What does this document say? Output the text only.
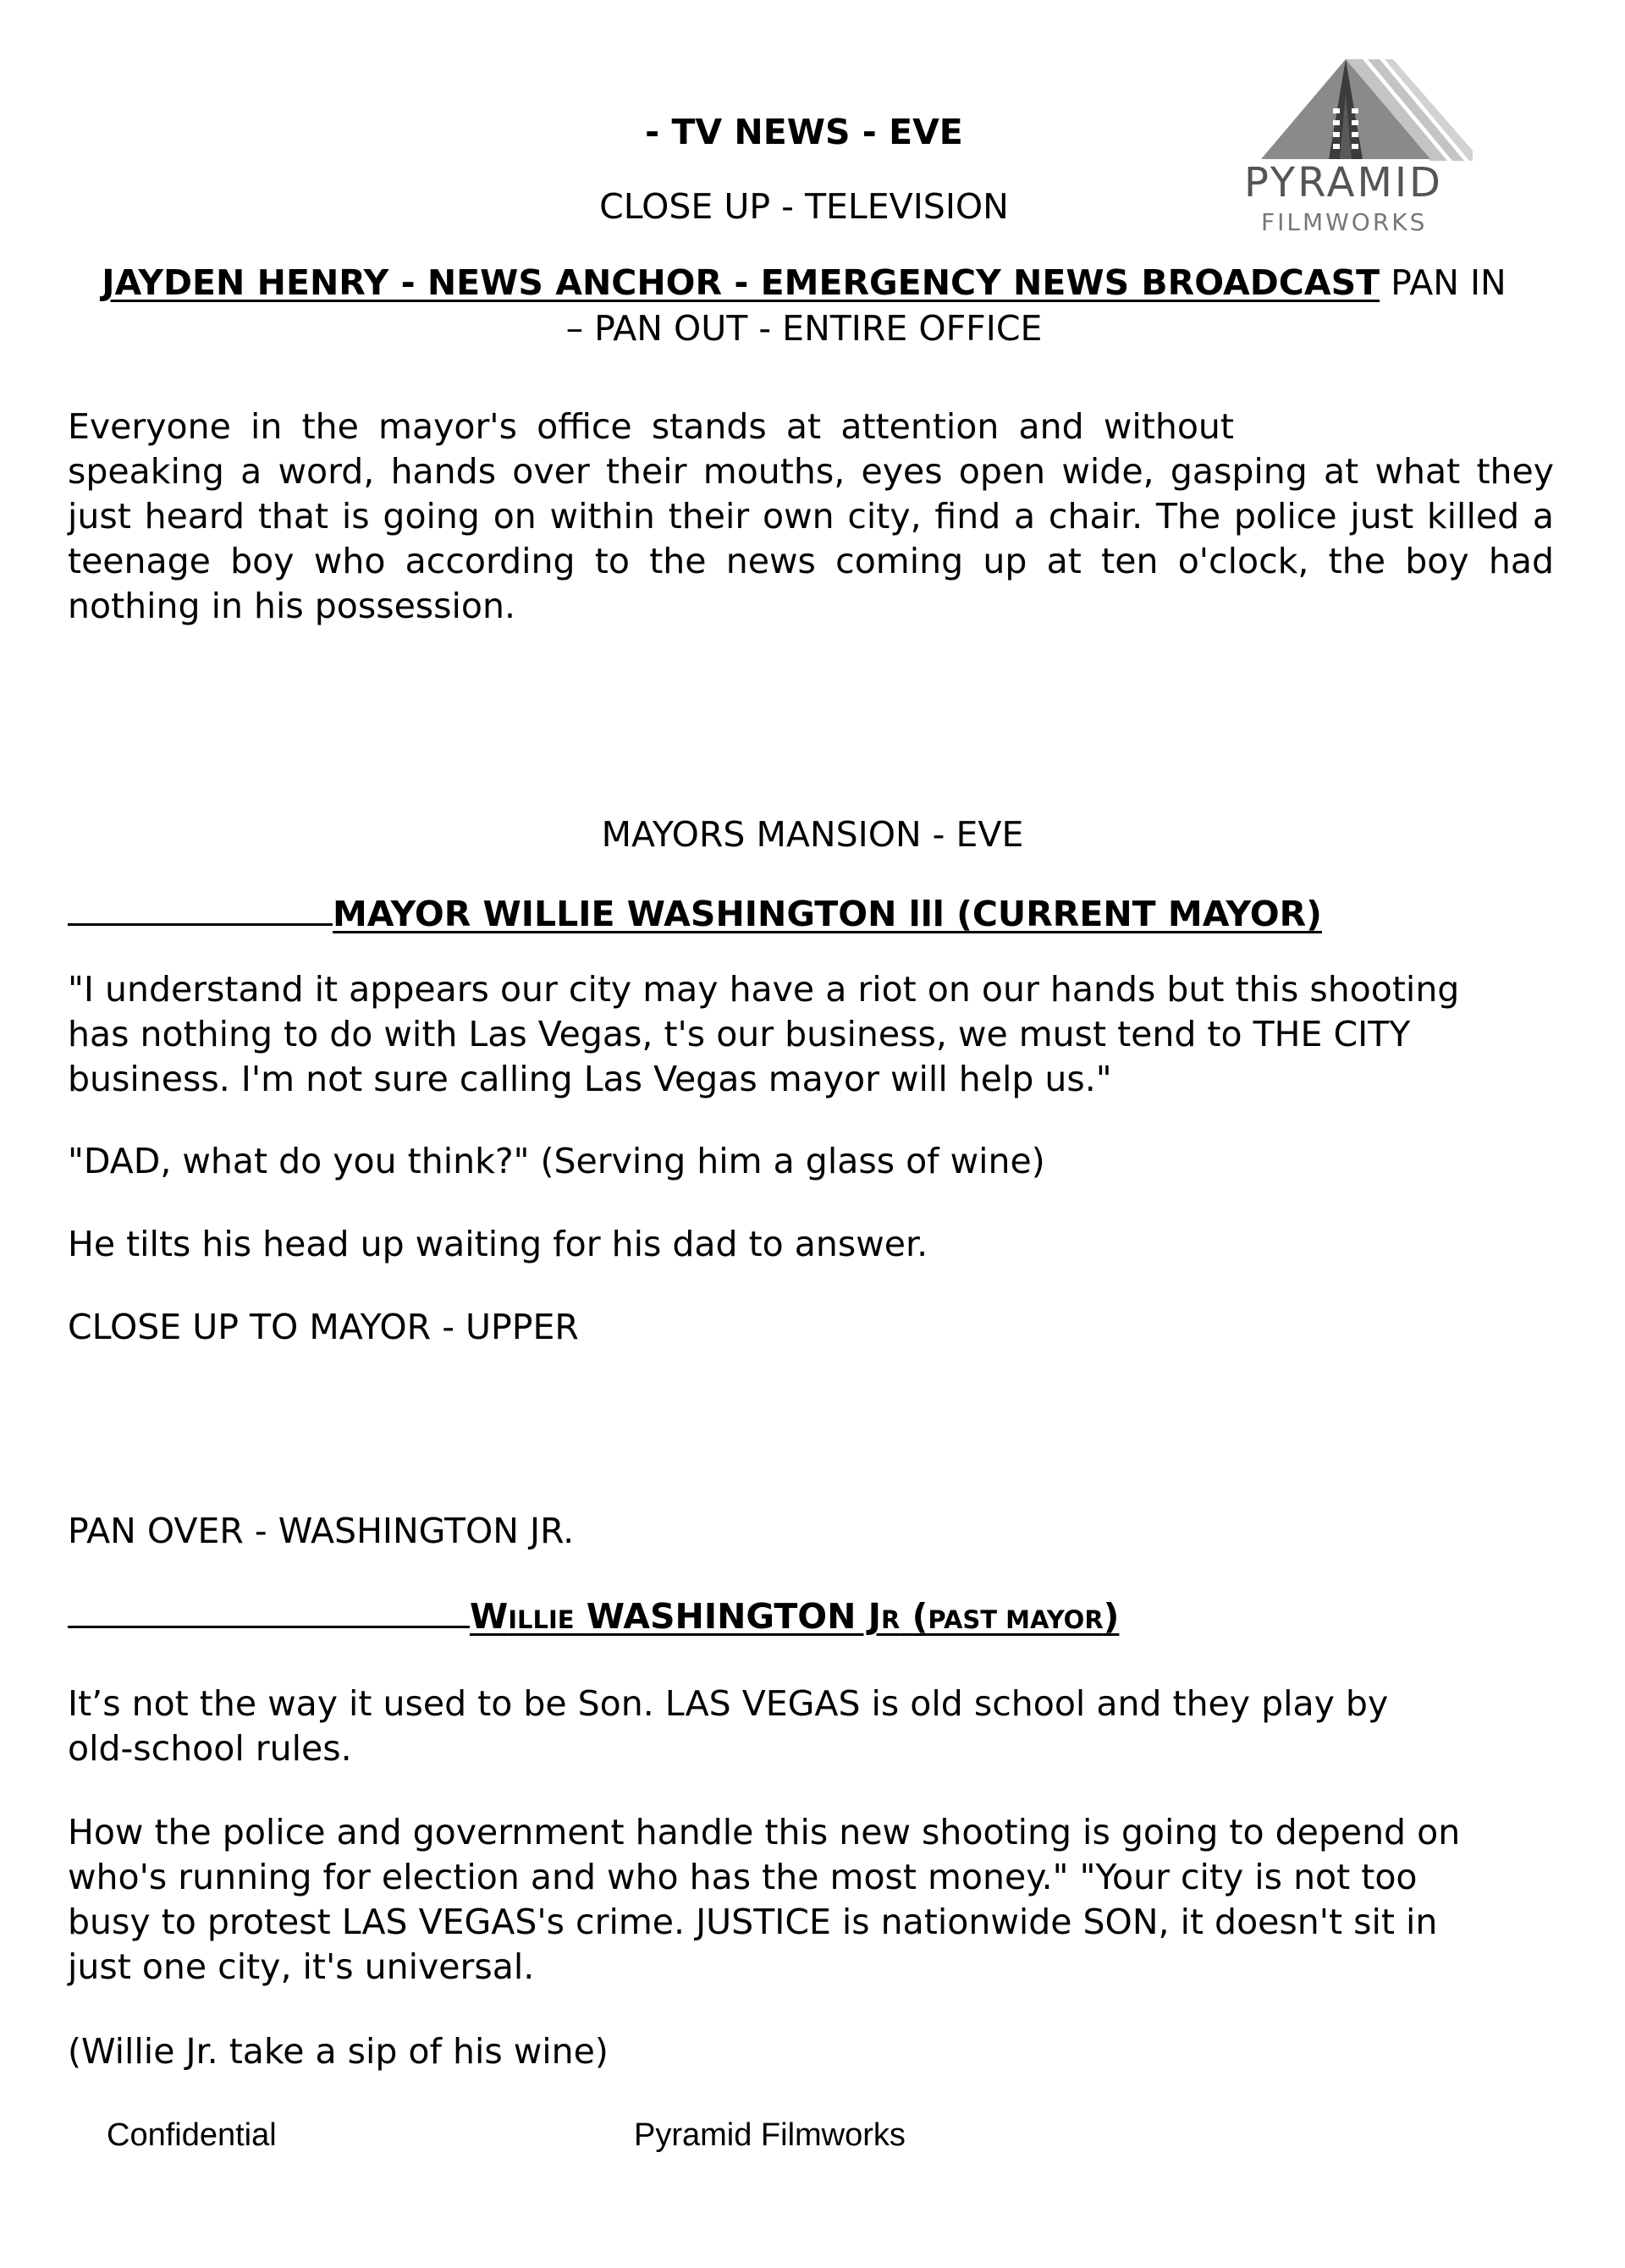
PYRAMID
FILMWORKS
- TV NEWS - EVE
CLOSE UP - TELEVISION
JAYDEN HENRY - NEWS ANCHOR - EMERGENCY NEWS BROADCAST PAN IN
– PAN OUT - ENTIRE OFFICE
Everyone in the mayor's office stands at attention and without
speaking a word, hands over their mouths, eyes open wide, gasping at what they just heard that is going on within their own city, find a chair. The police just killed a teenage boy who according to the news coming up at ten o'clock, the boy had nothing in his possession.
MAYORS MANSION - EVE
MAYOR WILLIE WASHINGTON lll (CURRENT MAYOR)
"I understand it appears our city may have a riot on our hands but this shooting has nothing to do with Las Vegas, t's our business, we must tend to THE CITY business. I'm not sure calling Las Vegas mayor will help us."
"DAD, what do you think?" (Serving him a glass of wine)
He tilts his head up waiting for his dad to answer.
CLOSE UP TO MAYOR - UPPER
PAN OVER - WASHINGTON JR.
WILLIE WASHINGTON JR (PAST MAYOR)
It’s not the way it used to be Son. LAS VEGAS is old school and they play by old-school rules.
How the police and government handle this new shooting is going to depend on who's running for election and who has the most money." "Your city is not too busy to protest LAS VEGAS's crime. JUSTICE is nationwide SON, it doesn't sit in just one city, it's universal.
(Willie Jr. take a sip of his wine)
Confidential	Pyramid Filmworks
